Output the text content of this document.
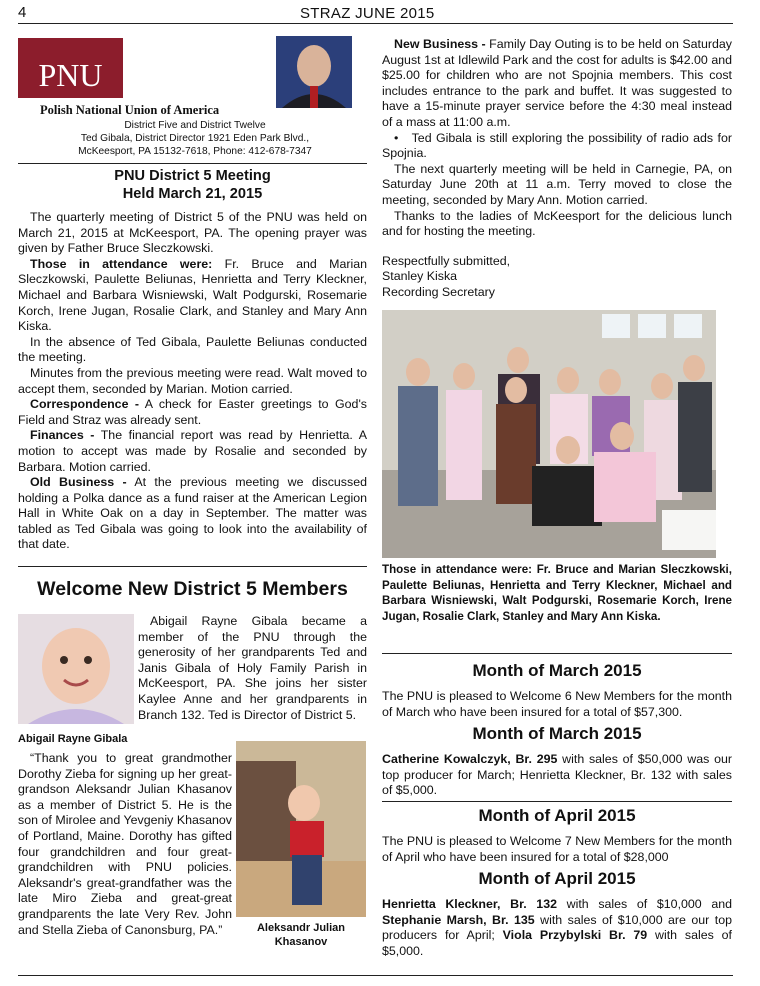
4	STRAZ JUNE 2015
PNU
Polish National Union of America
District Five and District Twelve
Ted Gibala, District Director 1921 Eden Park Blvd.,
McKeesport, PA 15132-7618, Phone: 412-678-7347
PNU District 5 Meeting
Held March 21, 2015

The quarterly meeting of District 5 of the PNU was held on March 21, 2015 at McKeesport, PA. The opening prayer was given by Father Bruce Sleczkowski.

Those in attendance were: Fr. Bruce and Marian Sleczkowski, Paulette Beliunas, Henrietta and Terry Kleckner, Michael and Barbara Wisniewski, Walt Podgurski, Rosemarie Korch, Irene Jugan, Rosalie Clark, and Stanley and Mary Ann Kiska.

In the absence of Ted Gibala, Paulette Beliunas conducted the meeting.

Minutes from the previous meeting were read. Walt moved to accept them, seconded by Marian. Motion carried.

Correspondence - A check for Easter greetings to God's Field and Straz was already sent.

Finances - The financial report was read by Henrietta. A motion to accept was made by Rosalie and seconded by Barbara. Motion carried.

Old Business - At the previous meeting we discussed holding a Polka dance as a fund raiser at the American Legion Hall in White Oak on a day in September. The matter was tabled as Ted Gibala was going to look into the availability of that date.

Welcome New District 5 Members

Abigail Rayne Gibala became a member of the PNU through the generosity of her grandparents Ted and Janis Gibala of Holy Family Parish in McKeesport, PA. She joins her sister Kaylee Anne and her grandparents in Branch 132. Ted is Director of District 5.

Abigail Rayne Gibala

“Thank you to great grandmother Dorothy Zieba for signing up her great-grandson Aleksandr Julian Khasanov as a member of District 5. He is the son of Mirolee and Yevgeniy Khasanov of Portland, Maine. Dorothy has gifted four grandchildren and four great-grandchildren with PNU policies. Aleksandr's great-grandfather was the late Miro Zieba and great-great grandparents the late Very Rev. John and Stella Zieba of Canonsburg, PA.”	Aleksandr Julian
Khasanov

New Business - Family Day Outing is to be held on Saturday August 1st at Idlewild Park and the cost for adults is $42.00 and $25.00 for children who are not Spojnia members. This cost includes entrance to the park and buffet. It was suggested to have a 15-minute prayer service before the 4:30 meal instead of a mass at 11:00 a.m.

• Ted Gibala is still exploring the possibility of radio ads for Spojnia.

The next quarterly meeting will be held in Carnegie, PA, on Saturday June 20th at 11 a.m. Terry moved to close the meeting, seconded by Mary Ann. Motion carried.

Thanks to the ladies of McKeesport for the delicious lunch and for hosting the meeting.

Respectfully submitted,

Stanley Kiska

Recording Secretary

Those in attendance were: Fr. Bruce and Marian Sleczkowski, Paulette Beliunas, Henrietta and Terry Kleckner, Michael and Barbara Wisniewski, Walt Podgurski, Rosemarie Korch, Irene Jugan, Rosalie Clark, Stanley and Mary Ann Kiska.
Month of March 2015

The PNU is pleased to Welcome 6 New Members for the month of March who have been insured for a total of $57,300.

Month of March 2015

Catherine Kowalczyk, Br. 295 with sales of $50,000 was our top producer for March; Henrietta Kleckner, Br. 132 with sales of $5,000.

Month of April 2015

The PNU is pleased to Welcome 7 New Members for the month of April who have been insured for a total of $28,000

Month of April 2015

Henrietta Kleckner, Br. 132 with sales of $10,000 and Stephanie Marsh, Br. 135 with sales of $10,000 are our top producers for April; Viola Przybylski Br. 79 with sales of $5,000.
